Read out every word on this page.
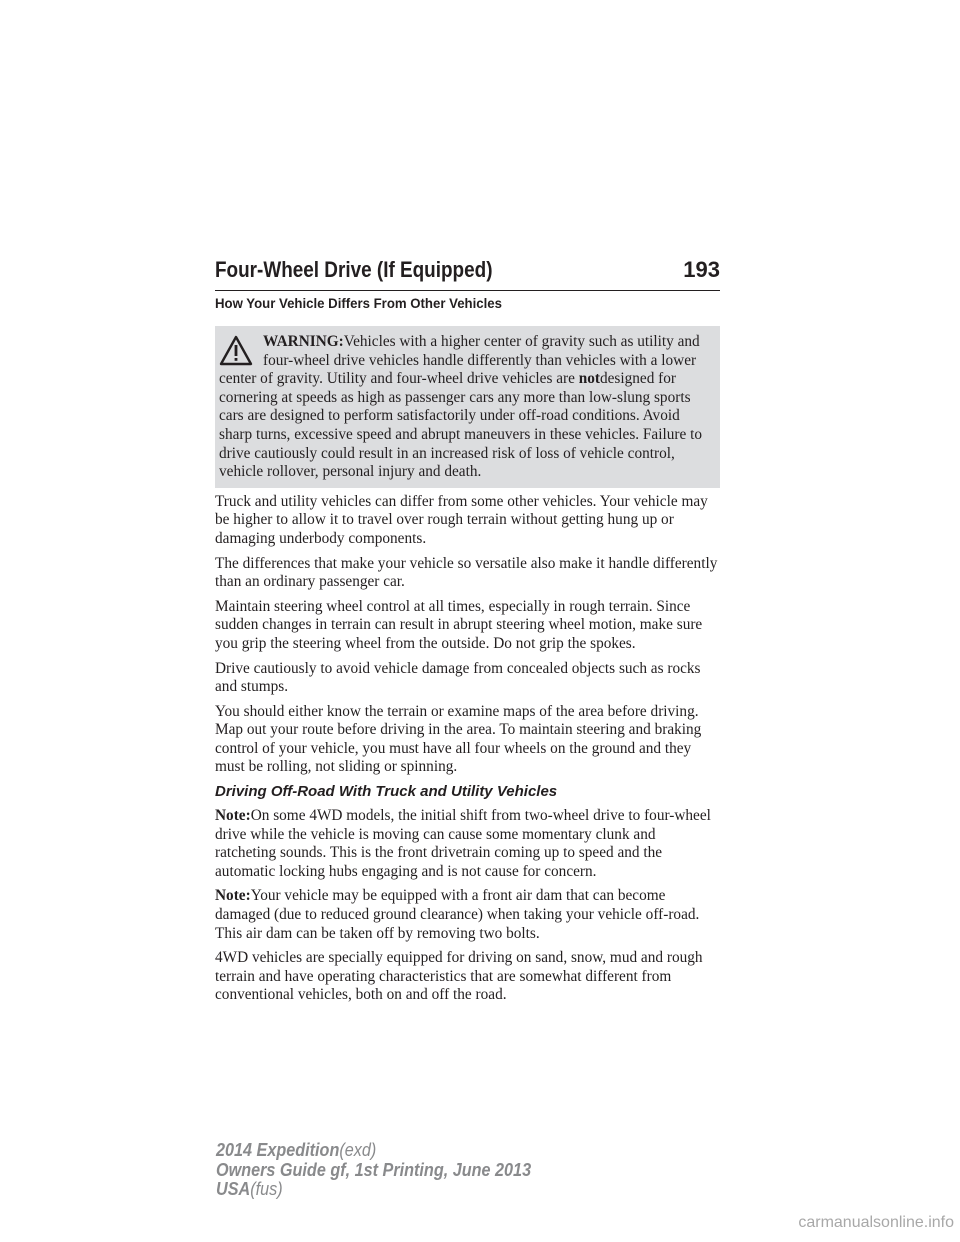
Four-Wheel Drive (If Equipped)	193
How Your Vehicle Differs From Other Vehicles

WARNING:Vehicles with a higher center of gravity such as utility and four-wheel drive vehicles handle differently than vehicles with a lower center of gravity. Utility and four-wheel drive vehicles are notdesigned for cornering at speeds as high as passenger cars any more than low-slung sports cars are designed to perform satisfactorily under off-road conditions. Avoid sharp turns, excessive speed and abrupt maneuvers in these vehicles. Failure to drive cautiously could result in an increased risk of loss of vehicle control, vehicle rollover, personal injury and death.

Truck and utility vehicles can differ from some other vehicles. Your vehicle may be higher to allow it to travel over rough terrain without getting hung up or damaging underbody components.

The differences that make your vehicle so versatile also make it handle differently than an ordinary passenger car.

Maintain steering wheel control at all times, especially in rough terrain. Since sudden changes in terrain can result in abrupt steering wheel motion, make sure you grip the steering wheel from the outside. Do not grip the spokes.

Drive cautiously to avoid vehicle damage from concealed objects such as rocks and stumps.

You should either know the terrain or examine maps of the area before driving. Map out your route before driving in the area. To maintain steering and braking control of your vehicle, you must have all four wheels on the ground and they must be rolling, not sliding or spinning.

Driving Off-Road With Truck and Utility Vehicles

Note:On some 4WD models, the initial shift from two-wheel drive to four-wheel drive while the vehicle is moving can cause some momentary clunk and ratcheting sounds. This is the front drivetrain coming up to speed and the automatic locking hubs engaging and is not cause for concern.

Note:Your vehicle may be equipped with a front air dam that can become damaged (due to reduced ground clearance) when taking your vehicle off-road. This air dam can be taken off by removing two bolts.

4WD vehicles are specially equipped for driving on sand, snow, mud and rough terrain and have operating characteristics that are somewhat different from conventional vehicles, both on and off the road.

2014 Expedition(exd)
Owners Guide gf, 1st Printing, June 2013
USA(fus)
carmanualsonline.info
